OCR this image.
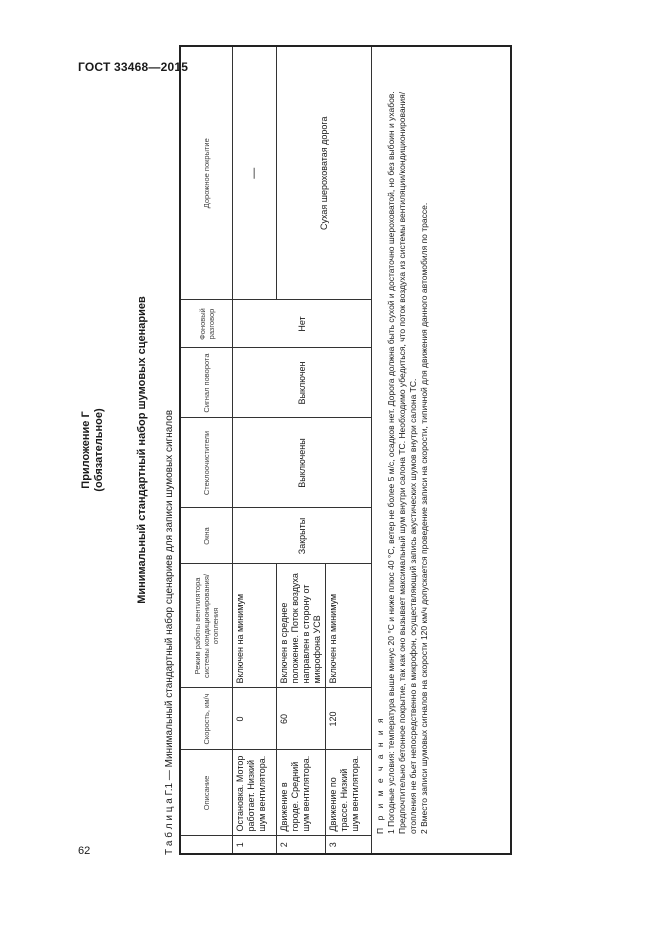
ГОСТ 33468—2015
62
Приложение Г (обязательное)	Минимальный стандартный набор шумовых сценариев Т а б л и ц а Г.1 — Минимальный стандартный набор сценариев для записи шумовых сигналов
		Описание	Скорость, км/ч	Режим работы вентилятора системы кондиционирования/отопления	Окна	Стеклоочистители	Сигнал поворота	Фоновый разговор	Дорожное покрытие
1	Остановка. Мотор работает. Низкий шум вентилятора.	0	Включен на минимум	Закрыты	Выключены	Выключен	Нет	—
2	Движение в городе. Средний шум вентилятора.	60	Включен в среднее положение. Поток воздуха направлен в сторону от микрофона УСВ					Сухая шероховатая дорога
3	Движение по трассе. Низкий шум вентилятора.	120	Включен на минимум					

П р и м е ч а н и я 1 Погодные условия: температура выше минус 20 °С и ниже плюс 40 °С, ветер не более 5 м/с, осадков нет. Дорога должна быть сухой и достаточно шероховатой, но без выбоин и ухабов. Предпочтительно бетонное покрытие, так как оно вызывает максимальный шум внутри салона ТС. Необходимо убедиться, что поток воздуха из системы вентиляции/кондиционирования/отопления не бьет непосредственно в микрофон, осуществляющий запись акустических шумов внутри салона ТС. 2 Вместо записи шумовых сигналов на скорости 120 км/ч допускается проведение записи на скорости, типичной для движения данного автомобиля по трассе.								
